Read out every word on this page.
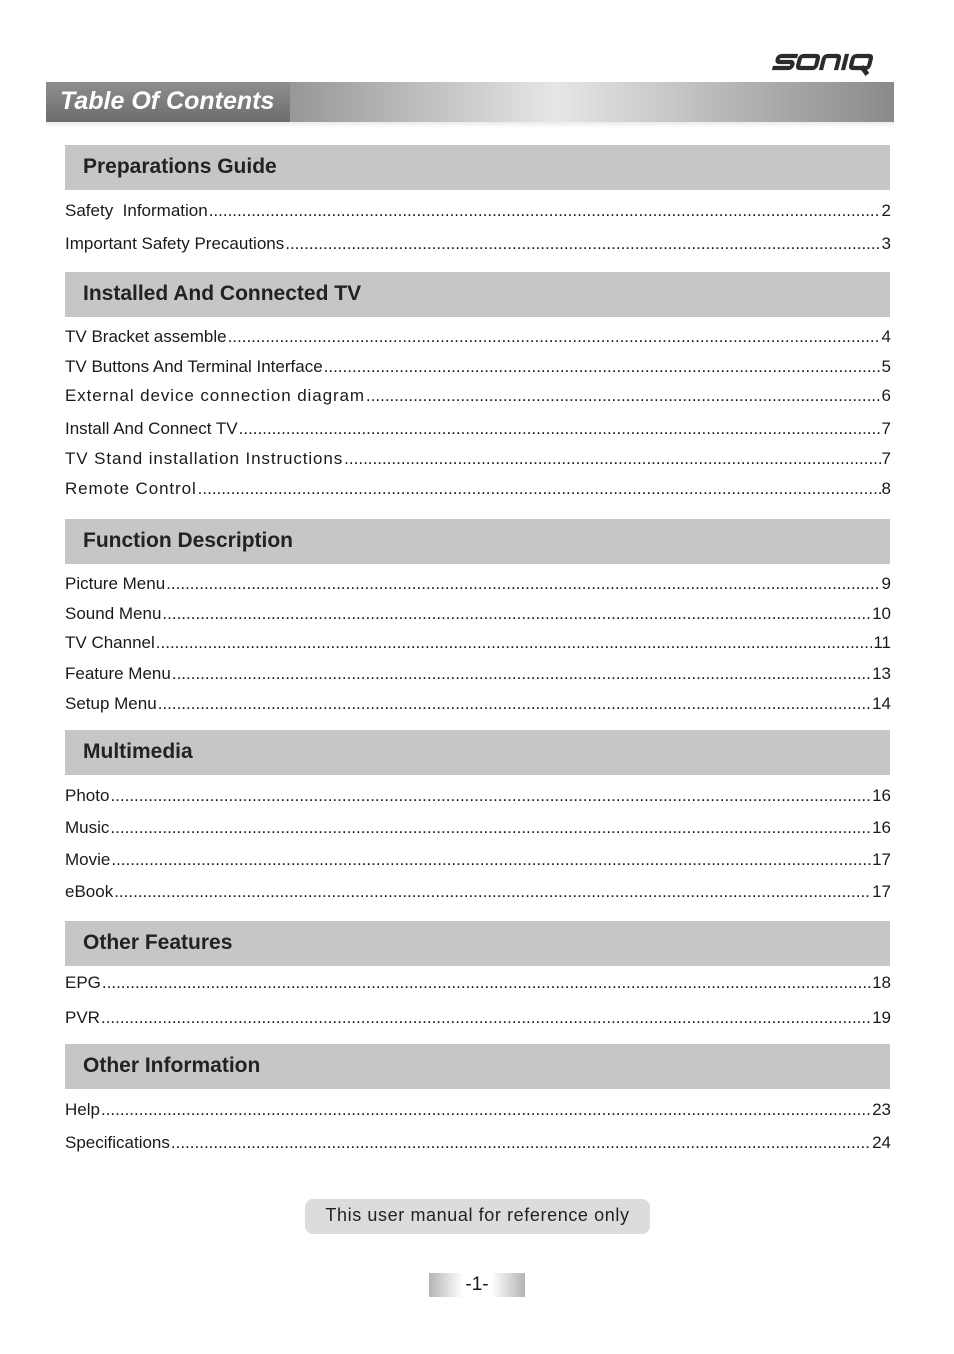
Table Of Contents
Preparations Guide
Safety  Information .....	2
Important Safety Precautions .....	3
Installed And Connected TV
TV Bracket assemble .....	4
TV Buttons And Terminal Interface .....	5
External device connection diagram .....	6
Install And Connect TV .....	7
TV Stand installation Instructions .....	7
Remote Control .....	8
Function Description
Picture Menu .....	9
Sound Menu .....	10
TV Channel .....	11
Feature Menu .....	13
Setup Menu .....	14
Multimedia
Photo .....	16
Music .....	16
Movie .....	17
eBook .....	17
Other Features
EPG .....	18
PVR .....	19
Other Information
Help .....	23
Specifications .....	24
This user manual for reference only
-1-
